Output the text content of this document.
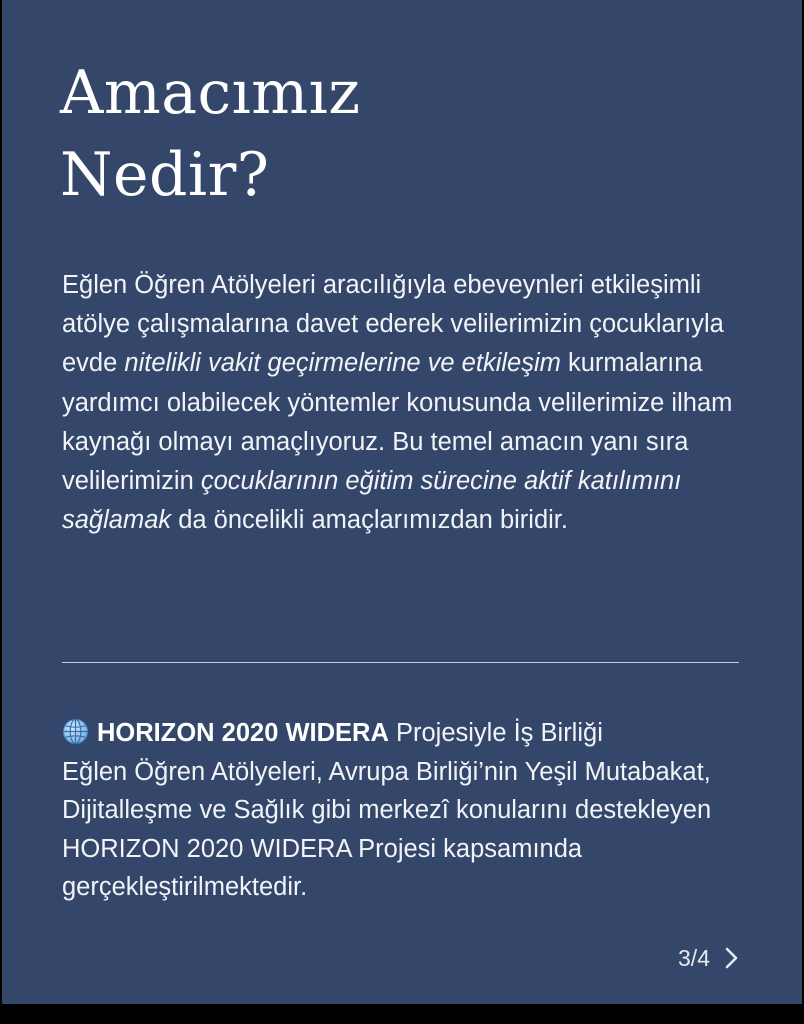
Amacımız
Nedir?

Eğlen Öğren Atölyeleri aracılığıyla ebeveynleri etkileşimli atölye çalışmalarına davet ederek velilerimizin çocuklarıyla evde nitelikli vakit geçirmelerine ve etkileşim kurmalarına yardımcı olabilecek yöntemler konusunda velilerimize ilham kaynağı olmayı amaçlıyoruz. Bu temel amacın yanı sıra velilerimizin çocuklarının eğitim sürecine aktif katılımını sağlamak da öncelikli amaçlarımızdan biridir.

HORIZON 2020 WIDERA Projesiyle İş Birliği
Eğlen Öğren Atölyeleri, Avrupa Birliği’nin Yeşil Mutabakat, Dijitalleşme ve Sağlık gibi merkezî konularını destekleyen HORIZON 2020 WIDERA Projesi kapsamında gerçekleştirilmektedir.

3/4
